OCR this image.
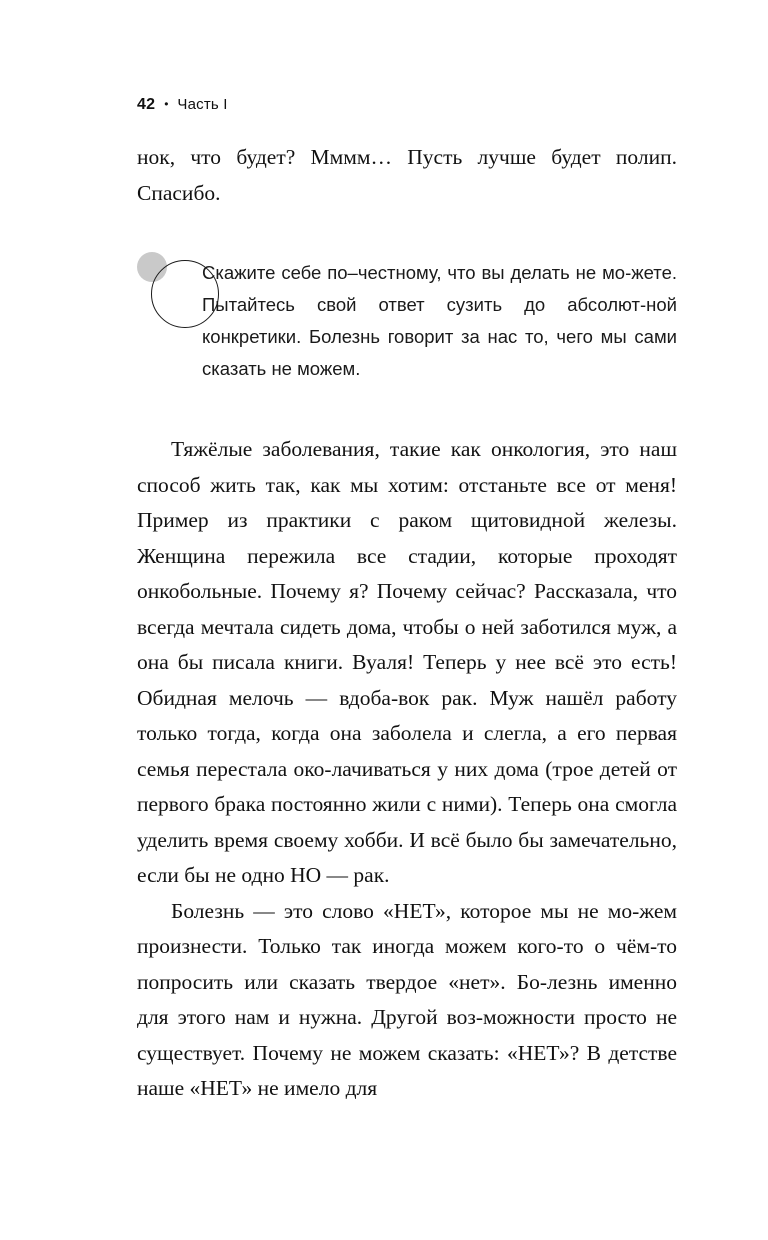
42 • Часть I

нок, что будет? Мммм… Пусть лучше будет полип. Спасибо.

Скажите себе по–честному, что вы делать не мо-жете. Пытайтесь свой ответ сузить до абсолют-ной конкретики. Болезнь говорит за нас то, чего мы сами сказать не можем.

Тяжёлые заболевания, такие как онкология, это наш способ жить так, как мы хотим: отстаньте все от меня! Пример из практики с раком щитовидной железы. Женщина пережила все стадии, которые проходят онкобольные. Почему я? Почему сейчас? Рассказала, что всегда мечтала сидеть дома, чтобы о ней заботился муж, а она бы писала книги. Вуаля! Теперь у нее всё это есть! Обидная мелочь — вдоба-вок рак. Муж нашёл работу только тогда, когда она заболела и слегла, а его первая семья перестала око-лачиваться у них дома (трое детей от первого брака постоянно жили с ними). Теперь она смогла уделить время своему хобби. И всё было бы замечательно, если бы не одно НО — рак.

Болезнь — это слово «НЕТ», которое мы не мо-жем произнести. Только так иногда можем кого-то о чём-то попросить или сказать твердое «нет». Бо-лезнь именно для этого нам и нужна. Другой воз-можности просто не существует. Почему не можем сказать: «НЕТ»? В детстве наше «НЕТ» не имело для
